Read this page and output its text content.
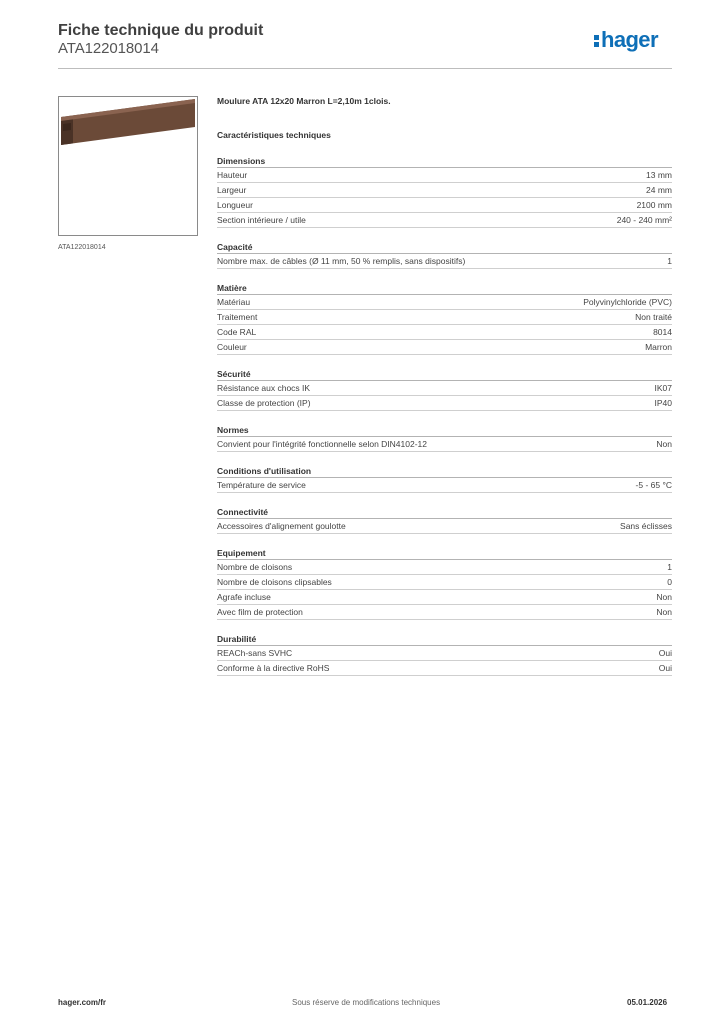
Fiche technique du produit
ATA122018014	hager
ATA122018014
Moulure ATA 12x20 Marron L=2,10m 1clois.
Caractéristiques techniques
Dimensions
Hauteur	13 mm
Largeur	24 mm
Longueur	2100 mm
Section intérieure / utile	240 - 240 mm²
Capacité
Nombre max. de câbles (Ø 11 mm, 50 % remplis, sans dispositifs)	1
Matière
Matériau	Polyvinylchloride (PVC)
Traitement	Non traité
Code RAL	8014
Couleur	Marron
Sécurité
Résistance aux chocs IK	IK07
Classe de protection (IP)	IP40
Normes
Convient pour l'intégrité fonctionnelle selon DIN4102-12	Non
Conditions d'utilisation
Température de service	-5 - 65 °C
Connectivité
Accessoires d'alignement goulotte	Sans éclisses
Equipement
Nombre de cloisons	1
Nombre de cloisons clipsables	0
Agrafe incluse	Non
Avec film de protection	Non
Durabilité
REACh-sans SVHC	Oui
Conforme à la directive RoHS	Oui
hager.com/fr	Sous réserve de modifications techniques	05.01.2026
